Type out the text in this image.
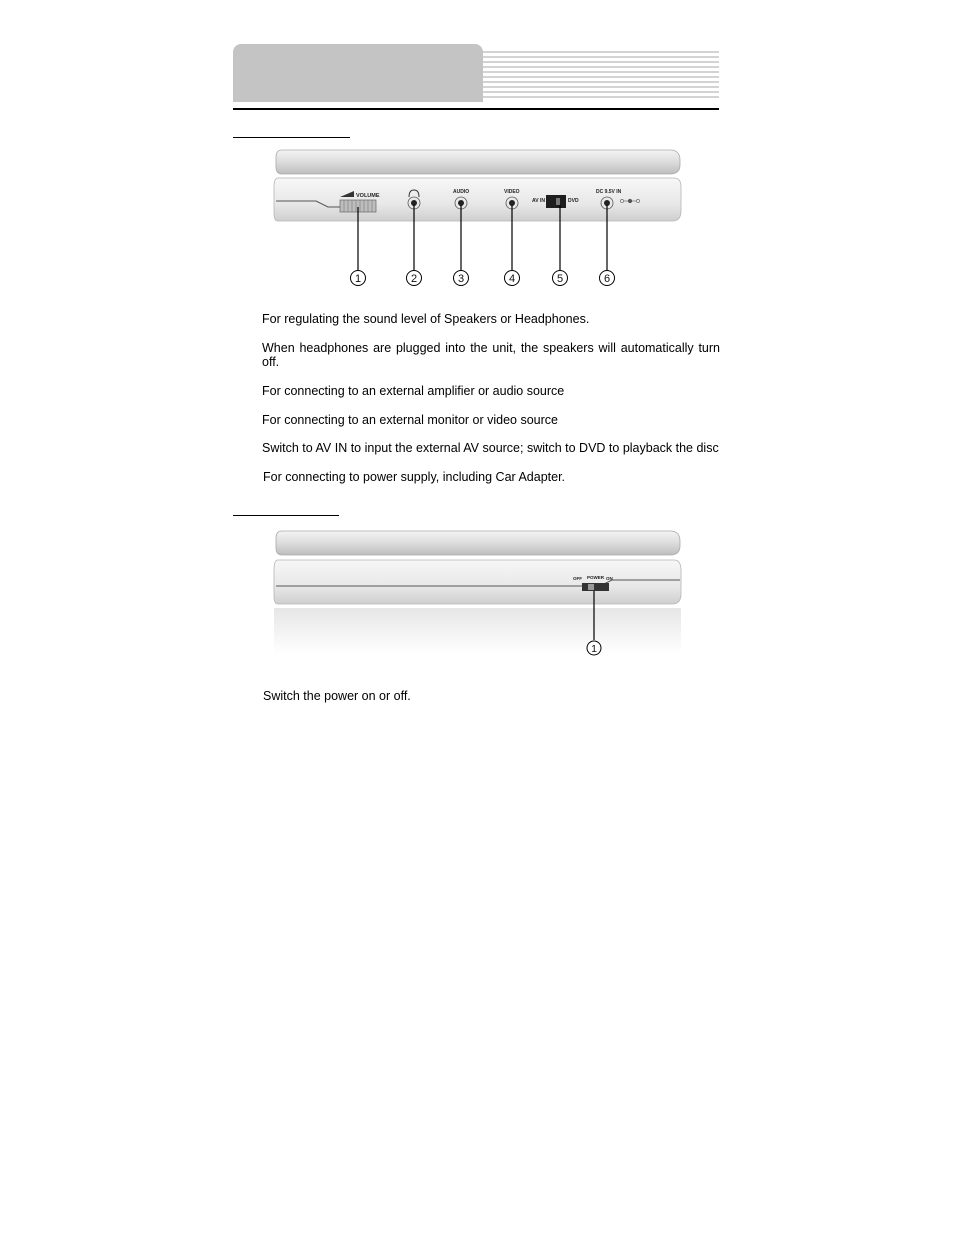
VOLUME
AUDIO	VIDEO
AV IN	DVD
DC 9.5V IN
1	2	3	4	5	6
For regulating the sound level of Speakers or Headphones.
When headphones are plugged into the unit, the speakers will automatically turn off.
For connecting to an external amplifier or audio source
For connecting to an external monitor or video source
Switch to AV IN to input the external AV source; switch to DVD to playback the disc
For connecting to power supply, including Car Adapter.
OFF POWER ON
1
Switch the power on or off.
